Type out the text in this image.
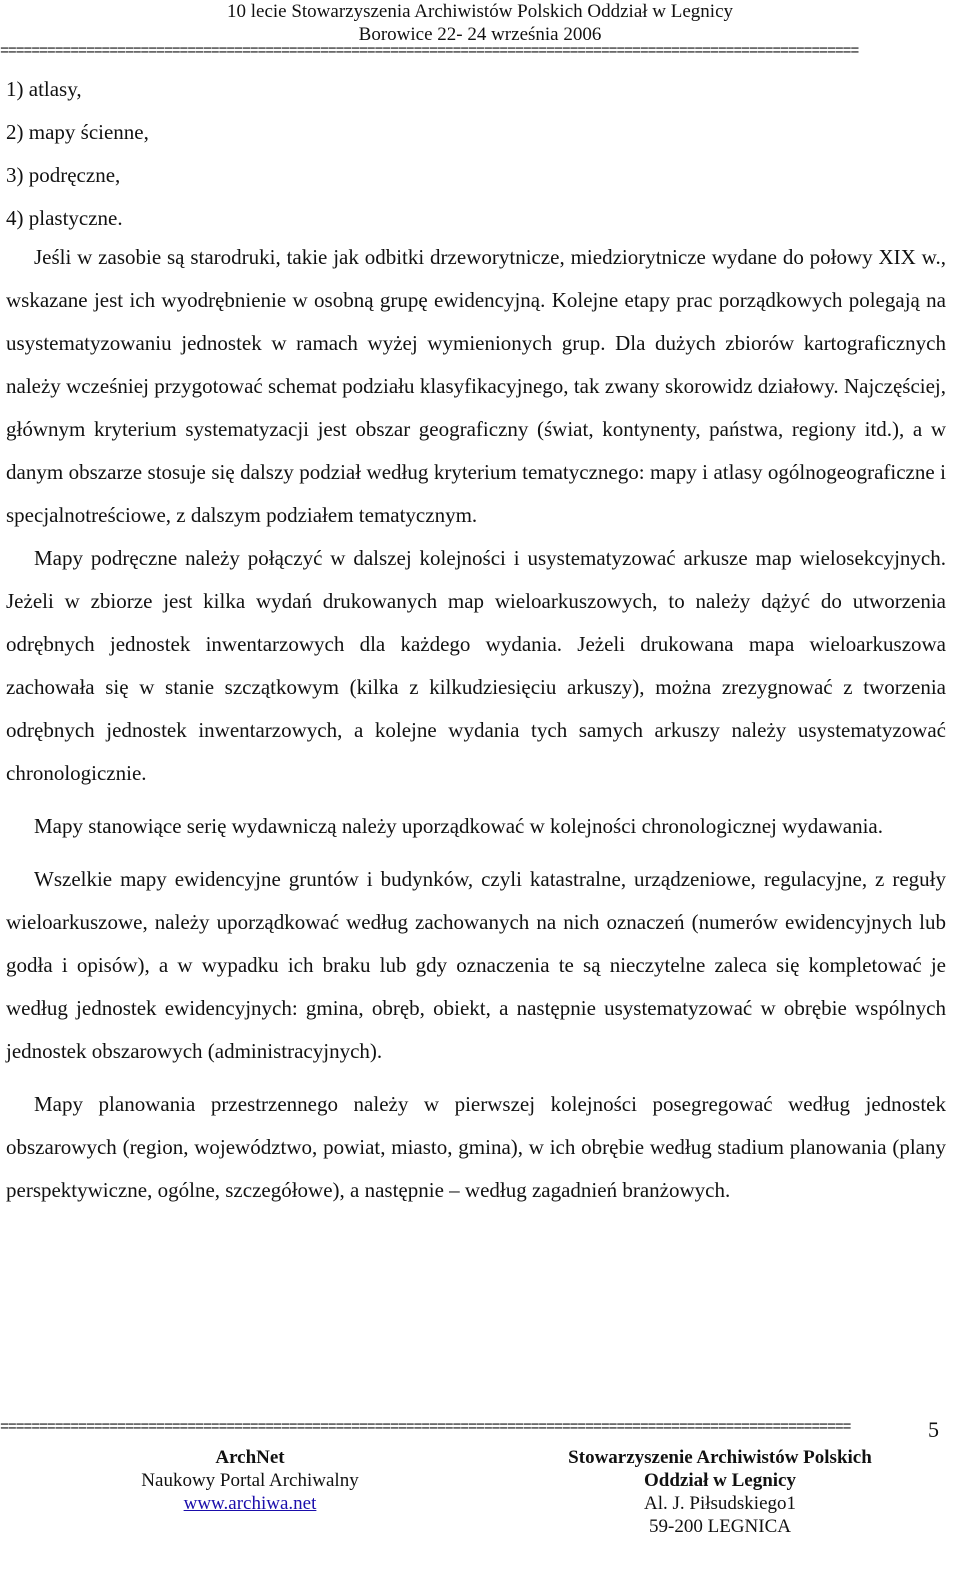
10 lecie Stowarzyszenia Archiwistów Polskich Oddział w Legnicy
Borowice 22- 24 września 2006
==============================================================================================================
1) atlasy,
2) mapy ścienne,
3) podręczne,
4) plastyczne.

Jeśli w zasobie są starodruki, takie jak odbitki drzeworytnicze, miedziorytnicze wydane do połowy XIX w., wskazane jest ich wyodrębnienie w osobną grupę ewidencyjną. Kolejne etapy prac porządkowych polegają na usystematyzowaniu jednostek w ramach wyżej wymienionych grup. Dla dużych zbiorów kartograficznych należy wcześniej przygotować schemat podziału klasyfikacyjnego, tak zwany skorowidz działowy. Najczęściej, głównym kryterium systematyzacji jest obszar geograficzny (świat, kontynenty, państwa, regiony itd.), a w danym obszarze stosuje się dalszy podział według kryterium tematycznego: mapy i atlasy ogólnogeograficzne i specjalnotreściowe, z dalszym podziałem tematycznym.

Mapy podręczne należy połączyć w dalszej kolejności i usystematyzować arkusze map wielosekcyjnych. Jeżeli w zbiorze jest kilka wydań drukowanych map wieloarkuszowych, to należy dążyć do utworzenia odrębnych jednostek inwentarzowych dla każdego wydania. Jeżeli drukowana mapa wieloarkuszowa zachowała się w stanie szczątkowym (kilka z kilkudziesięciu arkuszy), można zrezygnować z tworzenia odrębnych jednostek inwentarzowych, a kolejne wydania tych samych arkuszy należy usystematyzować chronologicznie.

Mapy stanowiące serię wydawniczą należy uporządkować w kolejności chronologicznej wydawania.

Wszelkie mapy ewidencyjne gruntów i budynków, czyli katastralne, urządzeniowe, regulacyjne, z reguły wieloarkuszowe, należy uporządkować według zachowanych na nich oznaczeń (numerów ewidencyjnych lub godła i opisów), a w wypadku ich braku lub gdy oznaczenia te są nieczytelne zaleca się kompletować je według jednostek ewidencyjnych: gmina, obręb, obiekt, a następnie usystematyzować w obrębie wspólnych jednostek obszarowych (administracyjnych).

Mapy planowania przestrzennego należy w pierwszej kolejności posegregować według jednostek obszarowych (region, województwo, powiat, miasto, gmina), w ich obrębie według stadium planowania (plany perspektywiczne, ogólne, szczegółowe), a następnie – według zagadnień branżowych.

=============================================================================================================	5
ArchNet
Naukowy Portal Archiwalny
www.archiwa.net
Stowarzyszenie Archiwistów Polskich
Oddział w Legnicy
Al. J. Piłsudskiego1
59-200 LEGNICA
